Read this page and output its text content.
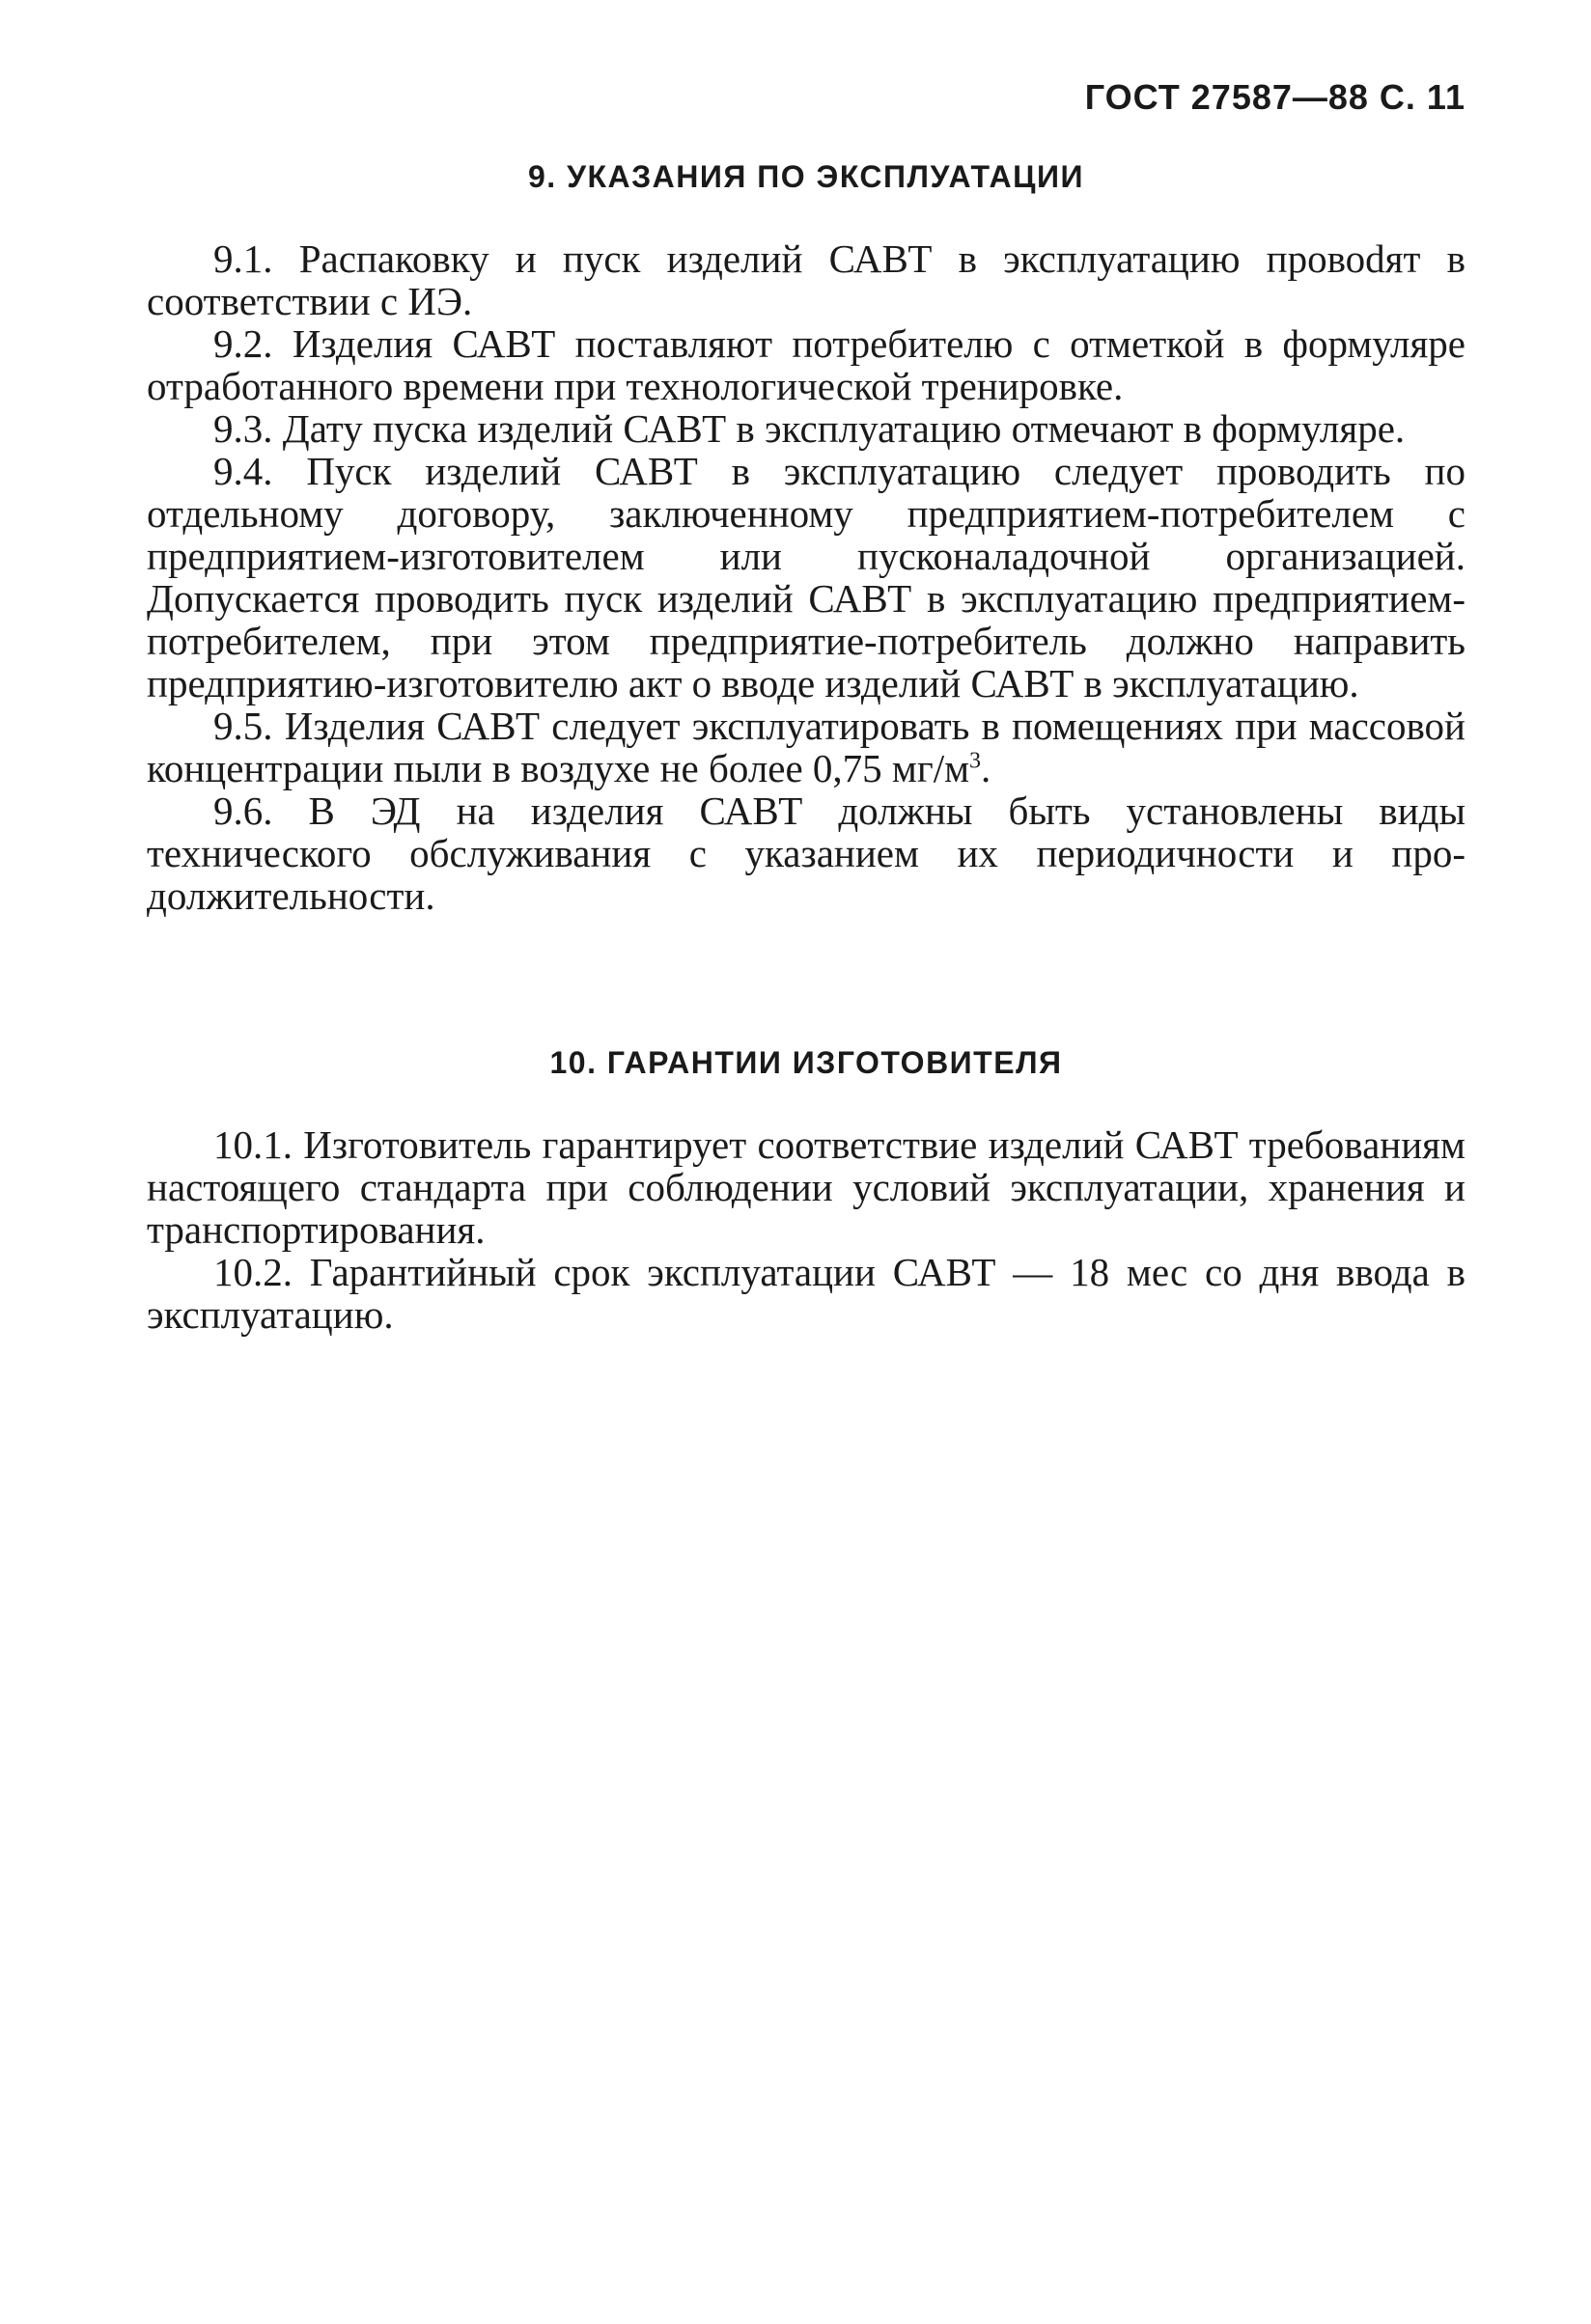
ГОСТ 27587—88 С. 11
9. УКАЗАНИЯ ПО ЭКСПЛУАТАЦИИ

9.1. Распаковку и пуск изделий САВТ в эксплуатацию провоdят в соответствии с ИЭ.

9.2. Изделия САВТ поставляют потребителю с отметкой в формуляре отработанного времени при технологической тренировке.

9.3. Дату пуска изделий САВТ в эксплуатацию отмечают в формуляре.

9.4. Пуск изделий САВТ в эксплуатацию следует проводить по отдельному договору, заключенному предприятием-потребителем с предприятием-изготовителем или пусконаладочной организацией. Допускается проводить пуск изделий САВТ в эксплуатацию предприятием-потребителем, при этом предприятие-потребитель должно направить предприятию-изготовителю акт о вводе изделий САВТ в эксплуатацию.

9.5. Изделия САВТ следует эксплуатировать в помещениях при массовой концентрации пыли в воздухе не более 0,75 $мг/м^3$.

9.6. В ЭД на изделия САВТ должны быть установлены виды технического обслуживания с указанием их периодичности и продолжительности.

10. ГАРАНТИИ ИЗГОТОВИТЕЛЯ

10.1. Изготовитель гарантирует соответствие изделий САВТ требованиям настоящего стандарта при соблюдении условий эксплуатации, хранения и транспортирования.

10.2. Гарантийный срок эксплуатации САВТ — 18 мес со дня ввода в эксплуатацию.
